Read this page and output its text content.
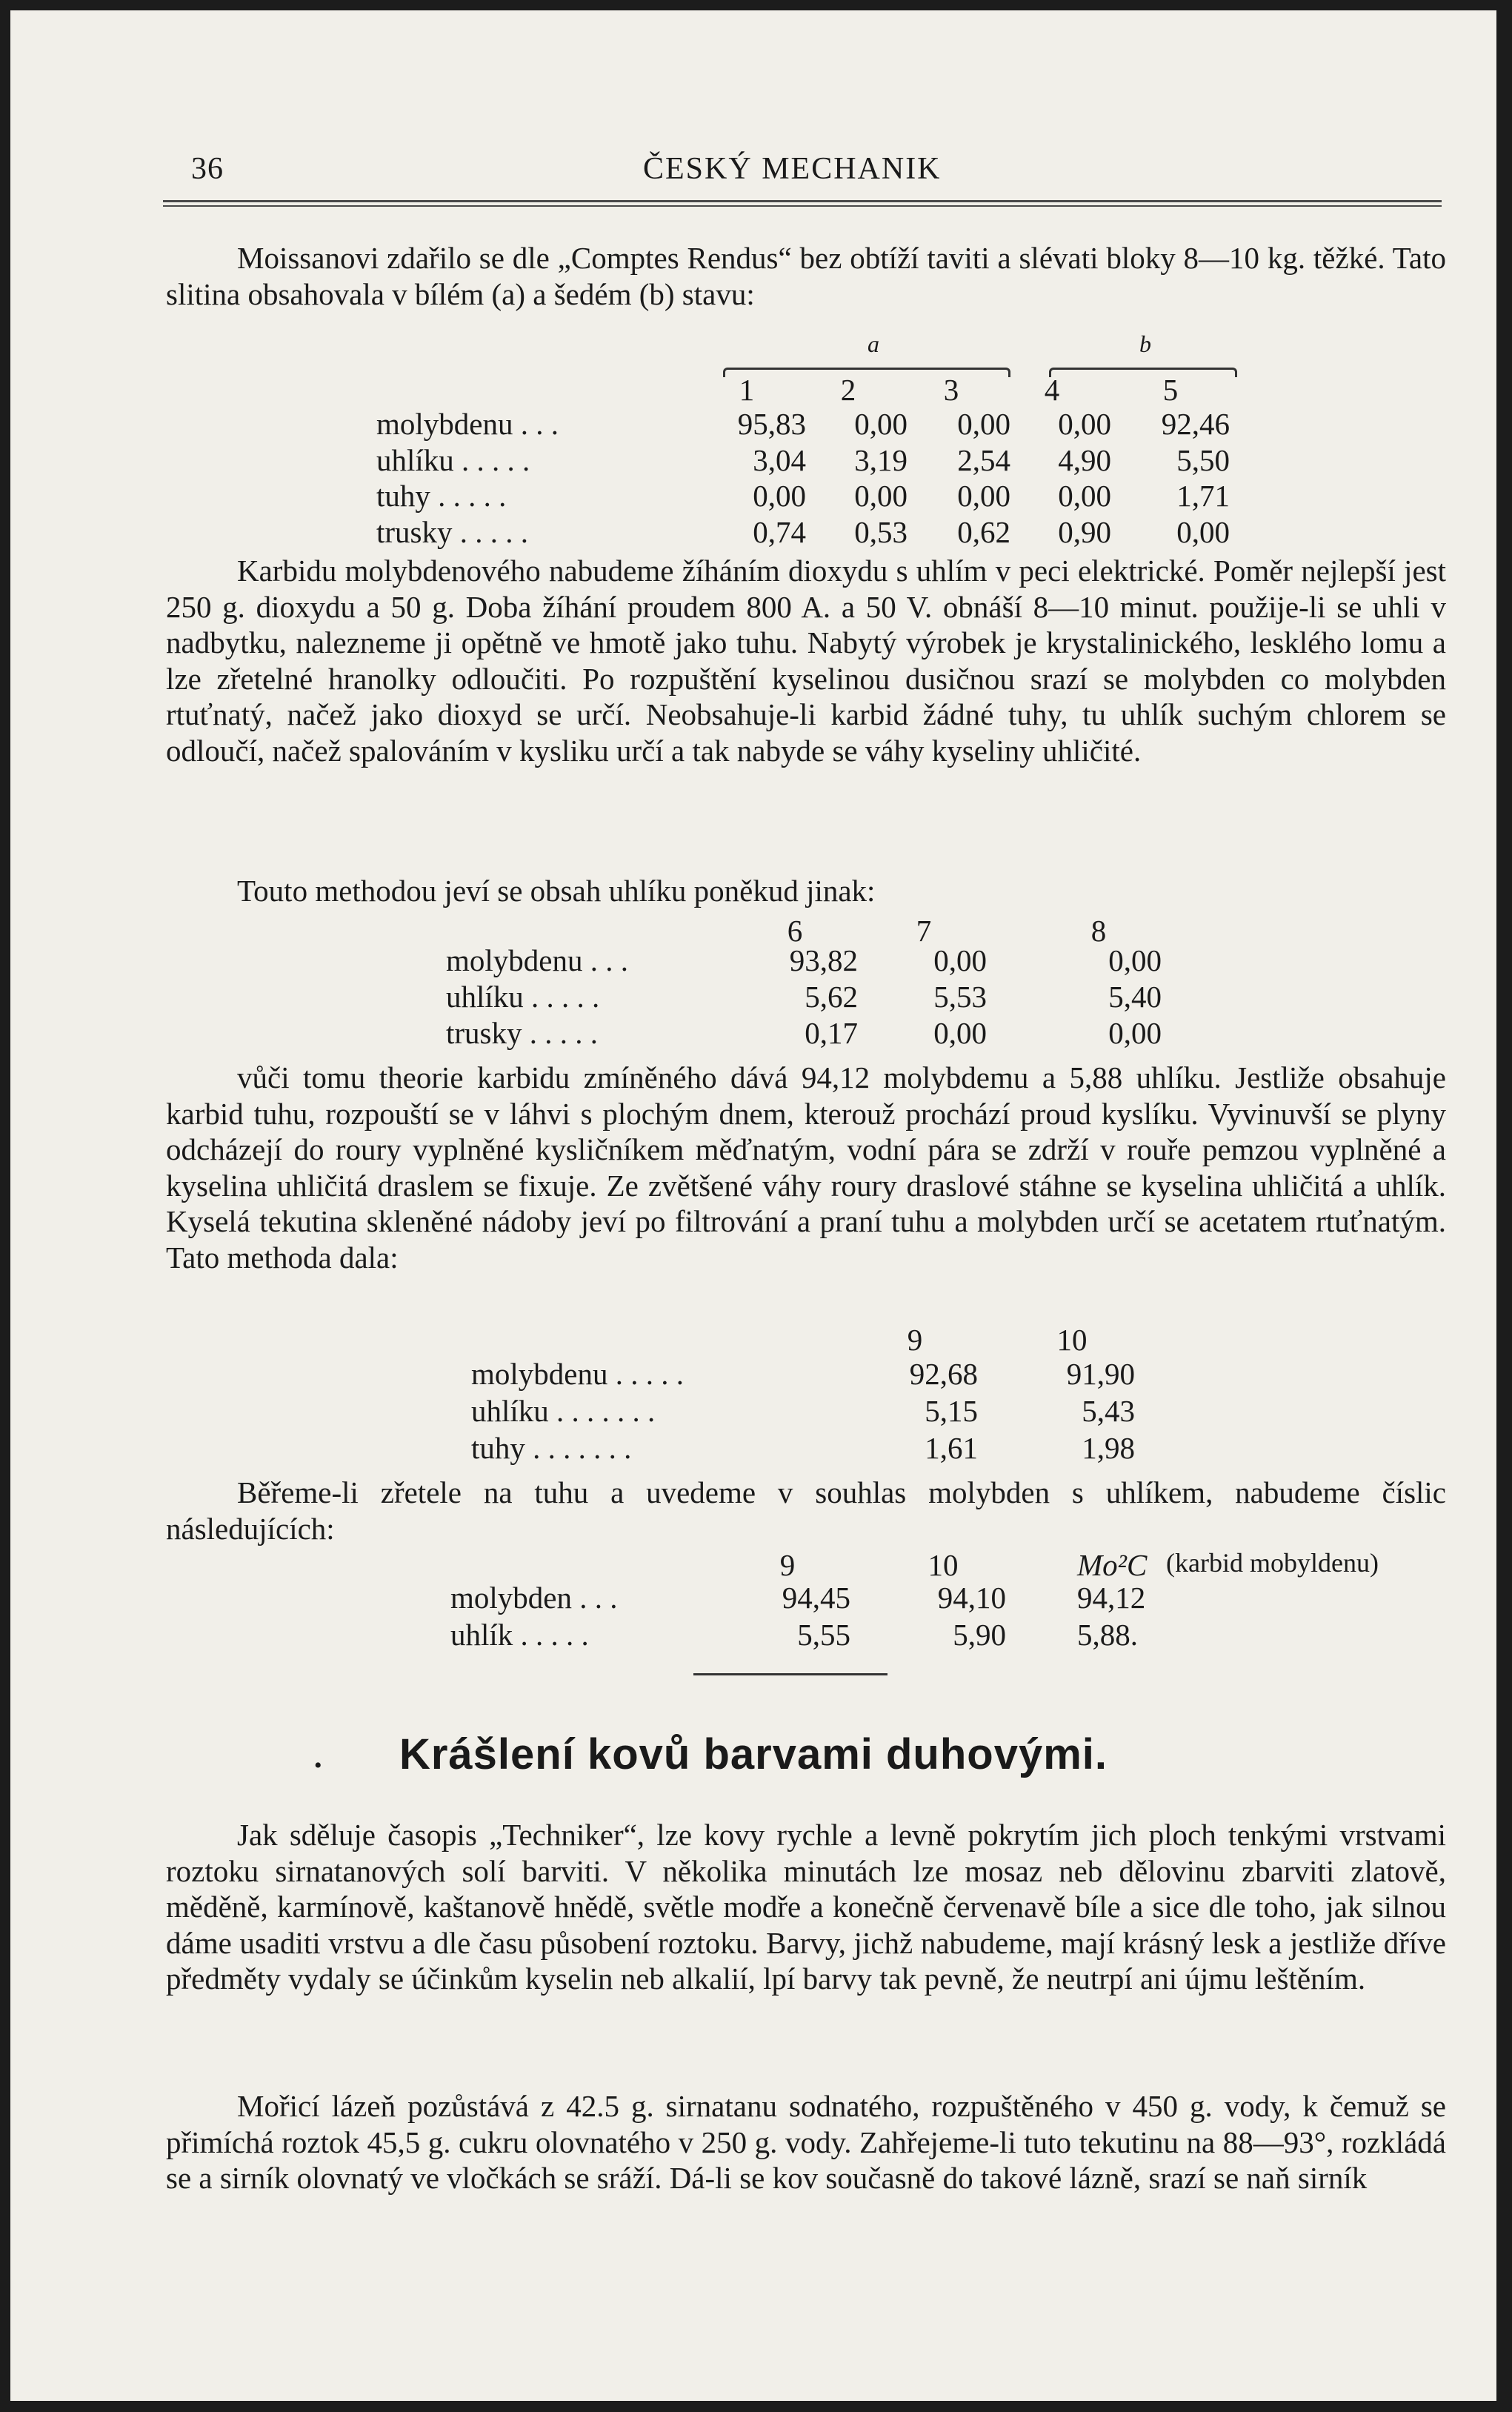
36	ČESKÝ MECHANIK

Moissanovi zdařilo se dle „Comptes Rendus“ bez obtíží taviti a slévati bloky 8—10 kg. těžké. Tato slitina obsahovala v bílém (a) a šedém (b) stavu:

a	b
1	2	3	4	5
molybdenu . . .	95,83	0,00	0,00	0,00	92,46
uhlíku . . . . .	3,04	3,19	2,54	4,90	5,50
tuhy . . . . .	0,00	0,00	0,00	0,00	1,71
trusky . . . . .	0,74	0,53	0,62	0,90	0,00

Karbidu molybdenového nabudeme žíháním dioxydu s uhlím v peci elektrické. Poměr nejlepší jest 250 g. dioxydu a 50 g. Doba žíhání proudem 800 A. a 50 V. obnáší 8—10 minut. použije-li se uhli v nadbytku, nalezneme ji opětně ve hmotě jako tuhu. Nabytý výrobek je krystalinického, lesklého lomu a lze zřetelné hranolky odloučiti. Po rozpuštění kyselinou dusičnou srazí se molybden co molybden rtuťnatý, načež jako dioxyd se určí. Neobsahuje-li karbid žádné tuhy, tu uhlík suchým chlorem se odloučí, načež spalováním v kysliku určí a tak nabyde se váhy kyseliny uhličité.

Touto methodou jeví se obsah uhlíku poněkud jinak:

6	7	8
molybdenu . . .	93,82	0,00	0,00
uhlíku . . . . .	5,62	5,53	5,40
trusky . . . . .	0,17	0,00	0,00

vůči tomu theorie karbidu zmíněného dává 94,12 molybdemu a 5,88 uhlíku. Jestliže obsahuje karbid tuhu, rozpouští se v láhvi s plochým dnem, kterouž prochází proud kyslíku. Vyvinuvší se plyny odcházejí do roury vyplněné kysličníkem měďnatým, vodní pára se zdrží v rouře pemzou vyplněné a kyselina uhličitá draslem se fixuje. Ze zvětšené váhy roury draslové stáhne se kyselina uhličitá a uhlík. Kyselá tekutina skleněné nádoby jeví po filtrování a praní tuhu a molybden určí se acetatem rtuťnatým. Tato methoda dala:

9	10
molybdenu . . . . .	92,68	91,90
uhlíku . . . . . . .	5,15	5,43
tuhy . . . . . . .	1,61	1,98

Běřeme-li zřetele na tuhu a uvedeme v souhlas molybden s uhlíkem, nabudeme čísliс následujících:

9	10	Mo²C (karbid mobyldenu)
molybden . . .	94,45	94,10 94,12
uhlík . . . . .	5,55	5,90 5,88.
•	Krášlení kovů barvami duhovými.

Jak sděluje časopis „Techniker“, lze kovy rychle a levně pokrytím jich ploch tenkými vrstvami roztoku sirnatanových solí barviti. V několika minutách lze mosaz neb dělovinu zbarviti zlatově, měděně, karmínově, kaštanově hnědě, světle modře a konečně červenavě bíle a sice dle toho, jak silnou dáme usaditi vrstvu a dle času působení roztoku. Barvy, jichž nabudeme, mají krásný lesk a jestliže dříve předměty vydaly se účinkům kyselin neb alkalií, lpí barvy tak pevně, že neutrpí ani újmu leštěním.

Mořicí lázeň pozůstává z 42.5 g. sirnatanu sodnatého, rozpuštěného v 450 g. vody, k čemuž se přimíchá roztok 45,5 g. cukru olovnatého v 250 g. vody. Zahřejeme-li tuto tekutinu na 88—93°, rozkládá se a sirník olovnatý ve vločkách se sráží. Dá-li se kov současně do takové lázně, srazí se naň sirník
